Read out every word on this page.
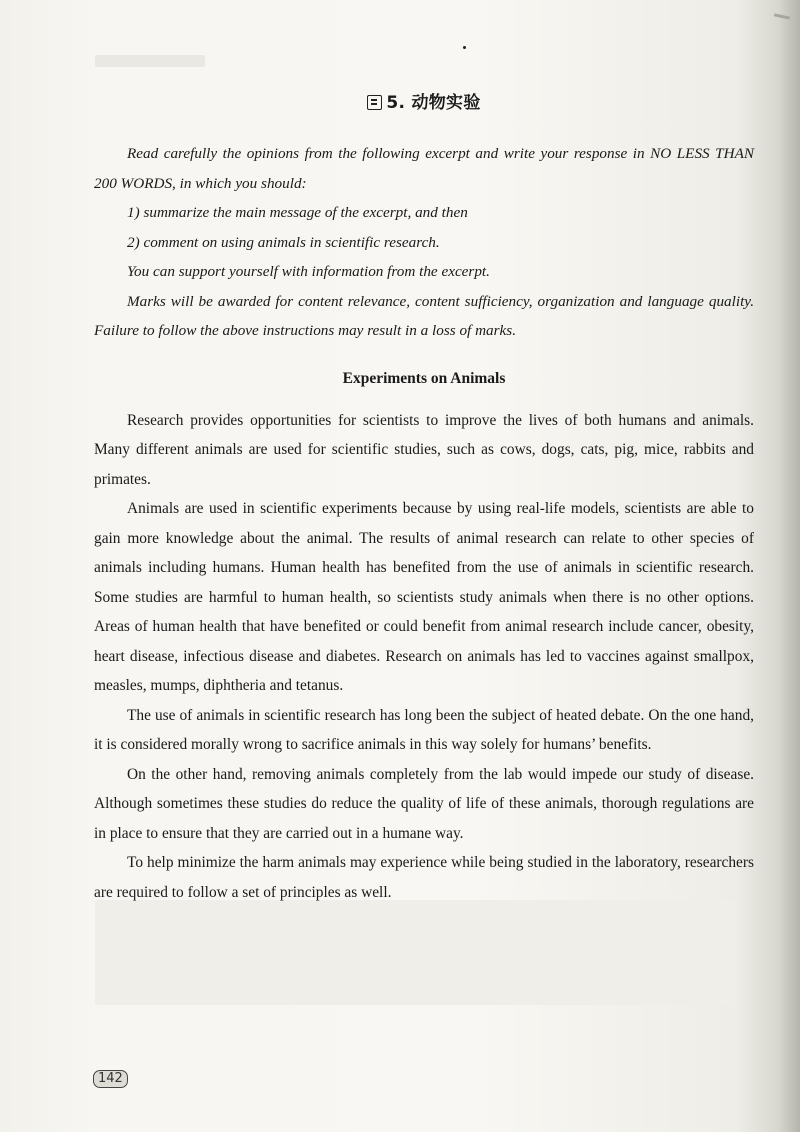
5. 动物实验

Read carefully the opinions from the following excerpt and write your response in NO LESS THAN 200 WORDS, in which you should:

1) summarize the main message of the excerpt, and then

2) comment on using animals in scientific research.

You can support yourself with information from the excerpt.

Marks will be awarded for content relevance, content sufficiency, organization and language quality. Failure to follow the above instructions may result in a loss of marks.

Experiments on Animals

Research provides opportunities for scientists to improve the lives of both humans and animals. Many different animals are used for scientific studies, such as cows, dogs, cats, pig, mice, rabbits and primates.

Animals are used in scientific experiments because by using real-life models, scientists are able to gain more knowledge about the animal. The results of animal research can relate to other species of animals including humans. Human health has benefited from the use of animals in scientific research. Some studies are harmful to human health, so scientists study animals when there is no other options. Areas of human health that have benefited or could benefit from animal research include cancer, obesity, heart disease, infectious disease and diabetes. Research on animals has led to vaccines against smallpox, measles, mumps, diphtheria and tetanus.

The use of animals in scientific research has long been the subject of heated debate. On the one hand, it is considered morally wrong to sacrifice animals in this way solely for humans’ benefits.

On the other hand, removing animals completely from the lab would impede our study of disease. Although sometimes these studies do reduce the quality of life of these animals, thorough regulations are in place to ensure that they are carried out in a humane way.

To help minimize the harm animals may experience while being studied in the laboratory, researchers are required to follow a set of principles as well.

142
